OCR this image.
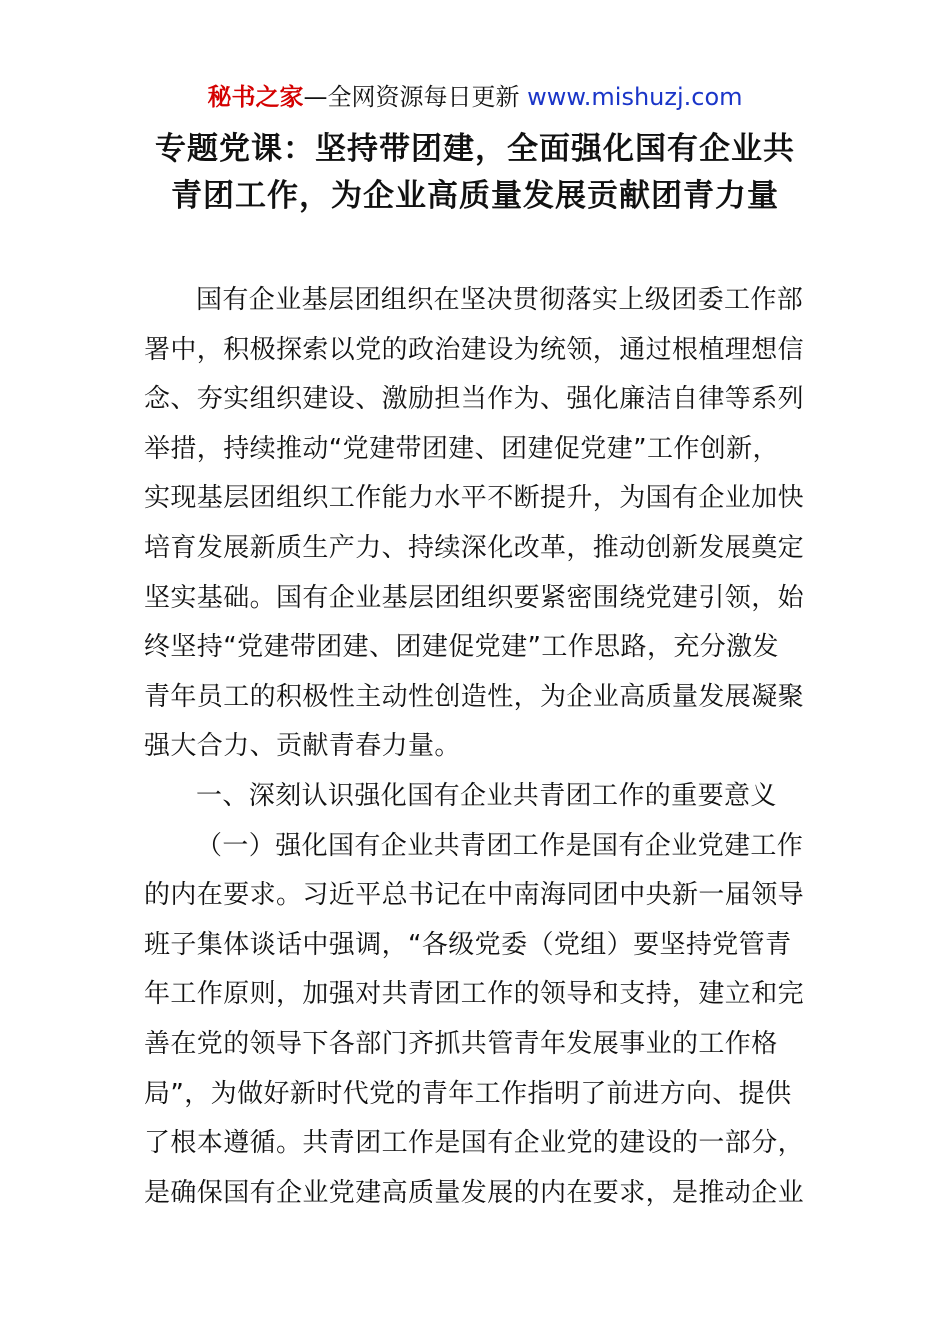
秘书之家—全网资源每日更新 www.mishuzj.com
专题党课：坚持带团建，全面强化国有企业共
青团工作，为企业高质量发展贡献团青力量

国有企业基层团组织在坚决贯彻落实上级团委工作部
署中，积极探索以党的政治建设为统领，通过根植理想信
念、夯实组织建设、激励担当作为、强化廉洁自律等系列
举措，持续推动“党建带团建、团建促党建”工作创新，
实现基层团组织工作能力水平不断提升，为国有企业加快
培育发展新质生产力、持续深化改革，推动创新发展奠定
坚实基础。国有企业基层团组织要紧密围绕党建引领，始
终坚持“党建带团建、团建促党建”工作思路，充分激发
青年员工的积极性主动性创造性，为企业高质量发展凝聚
强大合力、贡献青春力量。

一、深刻认识强化国有企业共青团工作的重要意义

（一）强化国有企业共青团工作是国有企业党建工作
的内在要求。习近平总书记在中南海同团中央新一届领导
班子集体谈话中强调，“各级党委（党组）要坚持党管青
年工作原则，加强对共青团工作的领导和支持，建立和完
善在党的领导下各部门齐抓共管青年发展事业的工作格
局”，为做好新时代党的青年工作指明了前进方向、提供
了根本遵循。共青团工作是国有企业党的建设的一部分，
是确保国有企业党建高质量发展的内在要求，是推动企业
